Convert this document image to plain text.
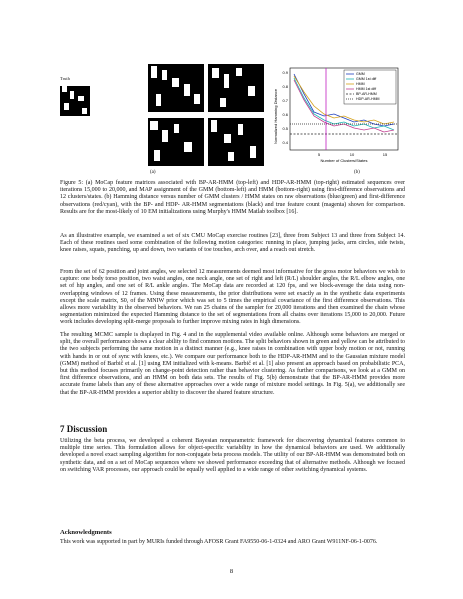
Truth
(a)
Normalized Hamming Distance
0.9
0.8
0.7
0.6
0.5
0.4
5	10	15
Number of Clusters/States
GMM
GMM 1st diff
HMM
HMM 1st diff
BP-AR-HMM
HDP-AR-HMM
(b)

Figure 5: (a) MoCap feature matrices associated with BP-AR-HMM (top-left) and HDP-AR-HMM (top-right) estimated sequences over iterations 15,000 to 20,000, and MAP assignment of the GMM (bottom-left) and HMM (bottom-right) using first-difference observations and 12 clusters/states. (b) Hamming distance versus number of GMM clusters / HMM states on raw observations (blue/green) and first-difference observations (red/cyan), with the BP- and HDP- AR-HMM segmentations (black) and true feature count (magenta) shown for comparison. Results are for the most-likely of 10 EM initializations using Murphy's HMM Matlab toolbox [16].

As an illustrative example, we examined a set of six CMU MoCap exercise routines [23], three from Subject 13 and three from Subject 14. Each of these routines used some combination of the following motion categories: running in place, jumping jacks, arm circles, side twists, knee raises, squats, punching, up and down, two variants of toe touches, arch over, and a reach out stretch.

From the set of 62 position and joint angles, we selected 12 measurements deemed most informative for the gross motor behaviors we wish to capture: one body torso position, two waist angles, one neck angle, one set of right and left (R/L) shoulder angles, the R/L elbow angles, one set of hip angles, and one set of R/L ankle angles. The MoCap data are recorded at 120 fps, and we block-average the data using non-overlapping windows of 12 frames. Using these measurements, the prior distributions were set exactly as in the synthetic data experiments except the scale matrix, S0, of the MNIW prior which was set to 5 times the empirical covariance of the first difference observations. This allows more variability in the observed behaviors. We ran 25 chains of the sampler for 20,000 iterations and then examined the chain whose segmentation minimized the expected Hamming distance to the set of segmentations from all chains over iterations 15,000 to 20,000. Future work includes developing split-merge proposals to further improve mixing rates in high dimensions.

The resulting MCMC sample is displayed in Fig. 4 and in the supplemental video available online. Although some behaviors are merged or split, the overall performance shows a clear ability to find common motions. The split behaviors shown in green and yellow can be attributed to the two subjects performing the same motion in a distinct manner (e.g., knee raises in combination with upper body motion or not, running with hands in or out of sync with knees, etc.). We compare our performance both to the HDP-AR-HMM and to the Gaussian mixture model (GMM) method of Barbič et al. [1] using EM initialized with k-means. Barbič et al. [1] also present an approach based on probabilistic PCA, but this method focuses primarily on change-point detection rather than behavior clustering. As further comparisons, we look at a GMM on first difference observations, and an HMM on both data sets. The results of Fig. 5(b) demonstrate that the BP-AR-HMM provides more accurate frame labels than any of these alternative approaches over a wide range of mixture model settings. In Fig. 5(a), we additionally see that the BP-AR-HMM provides a superior ability to discover the shared feature structure.

7 Discussion

Utilizing the beta process, we developed a coherent Bayesian nonparametric framework for discovering dynamical features common to multiple time series. This formulation allows for object-specific variability in how the dynamical behaviors are used. We additionally developed a novel exact sampling algorithm for non-conjugate beta process models. The utility of our BP-AR-HMM was demonstrated both on synthetic data, and on a set of MoCap sequences where we showed performance exceeding that of alternative methods. Although we focused on switching VAR processes, our approach could be equally well applied to a wide range of other switching dynamical systems.

Acknowledgments

This work was supported in part by MURIs funded through AFOSR Grant FA9550-06-1-0324 and ARO Grant W911NF-06-1-0076.

8
